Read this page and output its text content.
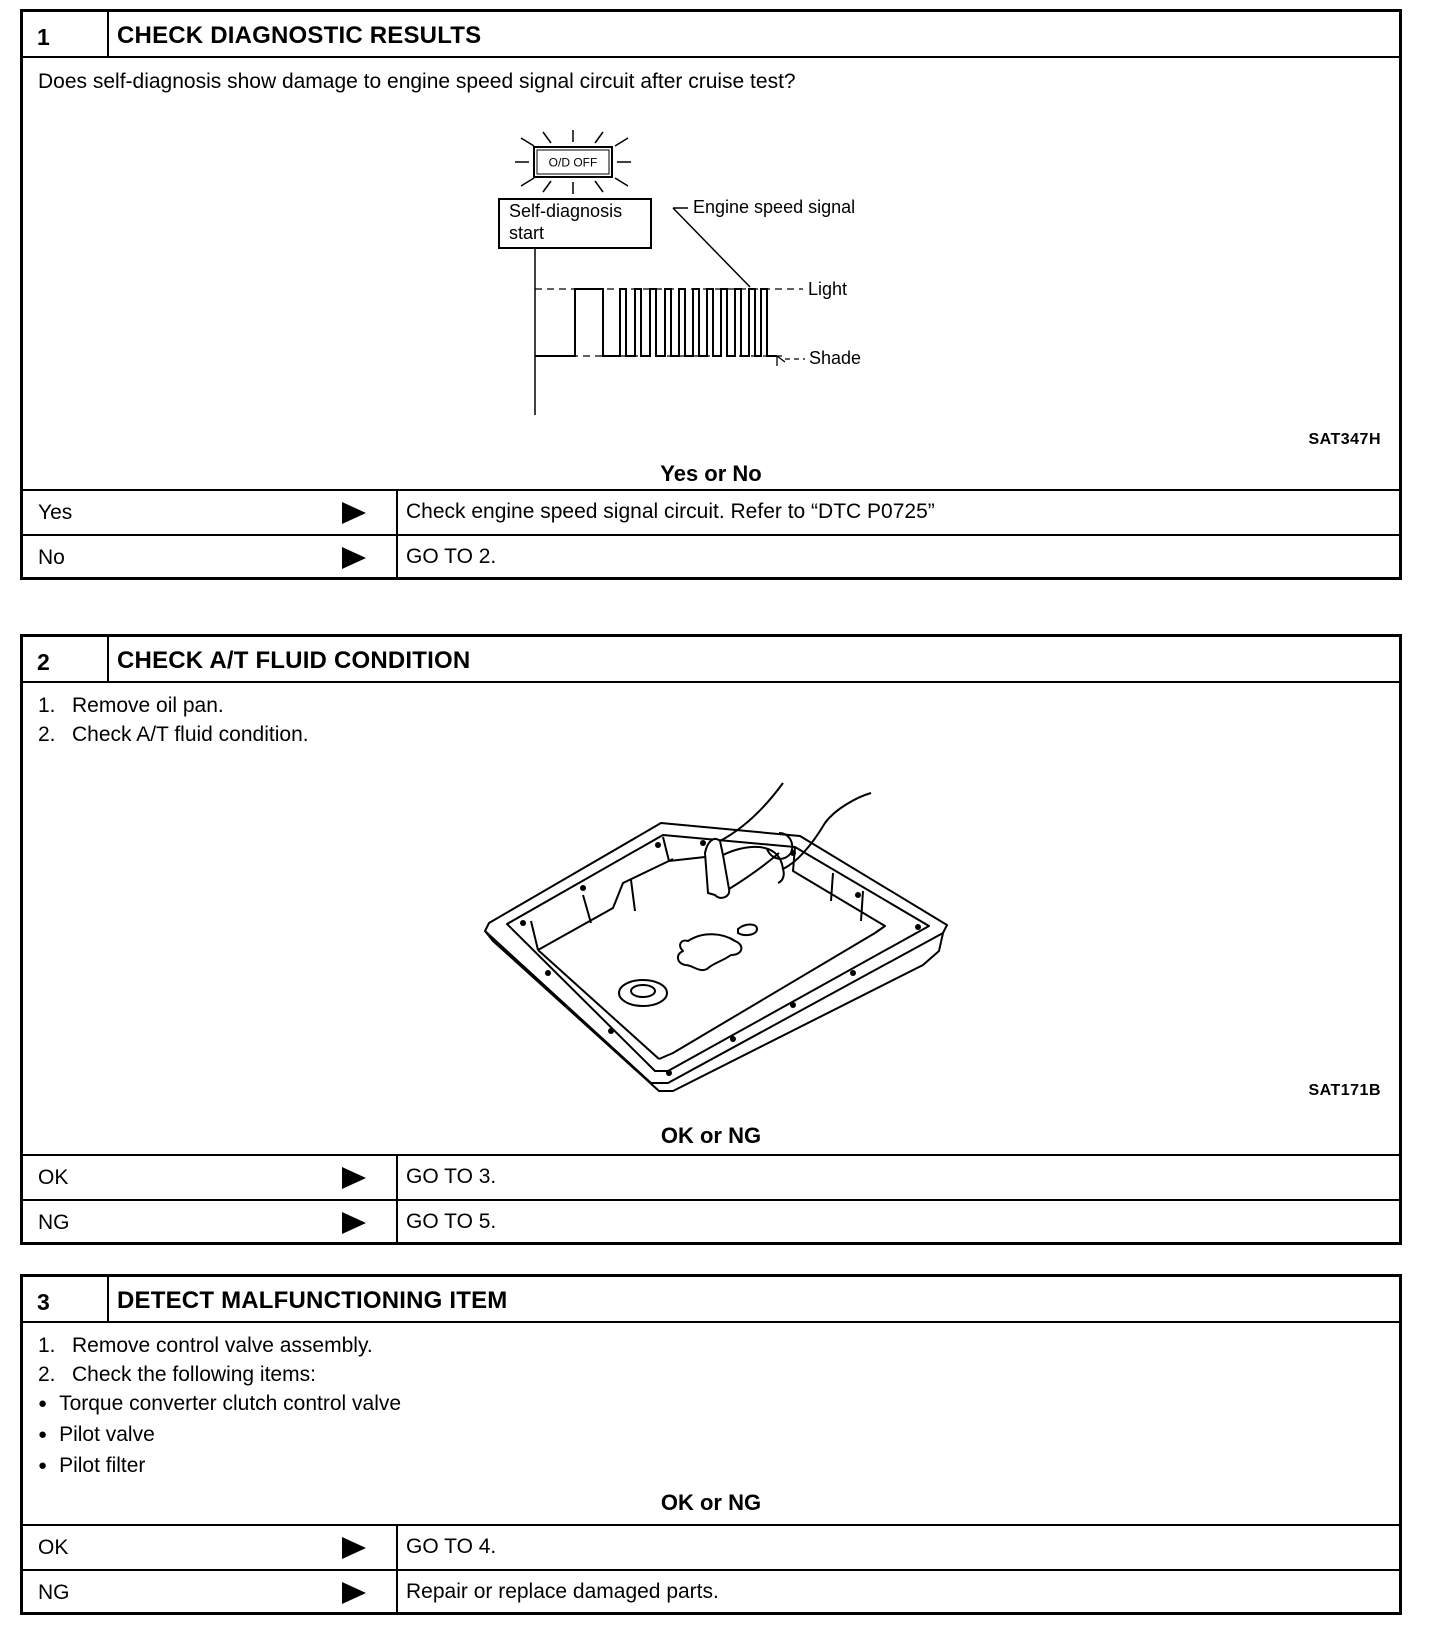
1	CHECK DIAGNOSTIC RESULTS
Does self-diagnosis show damage to engine speed signal circuit after cruise test?
O/D OFF
Self-diagnosis
start
Engine speed signal
Light
Shade
SAT347H
Yes or No
Yes	Check engine speed signal circuit. Refer to “DTC P0725”
No	GO TO 2.
2	CHECK A/T FLUID CONDITION
1. Remove oil pan.
2. Check A/T fluid condition.
SAT171B
OK or NG
OK	GO TO 3.
NG	GO TO 5.
3	DETECT MALFUNCTIONING ITEM
1. Remove control valve assembly.
2. Check the following items:
● Torque converter clutch control valve
● Pilot valve
● Pilot filter
OK or NG
OK	GO TO 4.
NG	Repair or replace damaged parts.
